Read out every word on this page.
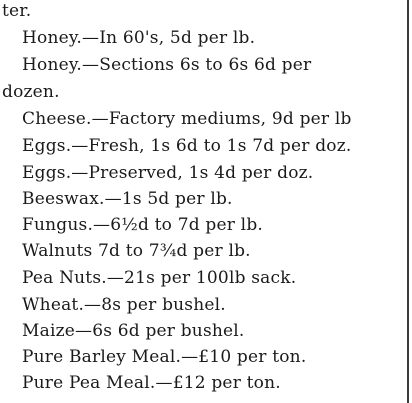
ter.
Honey.—In 60's, 5d per lb.
Honey.—Sections 6s to 6s 6d per
dozen.
Cheese.—Factory mediums, 9d per lb
Eggs.—Fresh, 1s 6d to 1s 7d per doz.
Eggs.—Preserved, 1s 4d per doz.
Beeswax.—1s 5d per lb.
Fungus.—6½d to 7d per lb.
Walnuts 7d to 7¾d per lb.
Pea Nuts.—21s per 100lb sack.
Wheat.—8s per bushel.
Maize—6s 6d per bushel.
Pure Barley Meal.—£10 per ton.
Pure Pea Meal.—£12 per ton.
